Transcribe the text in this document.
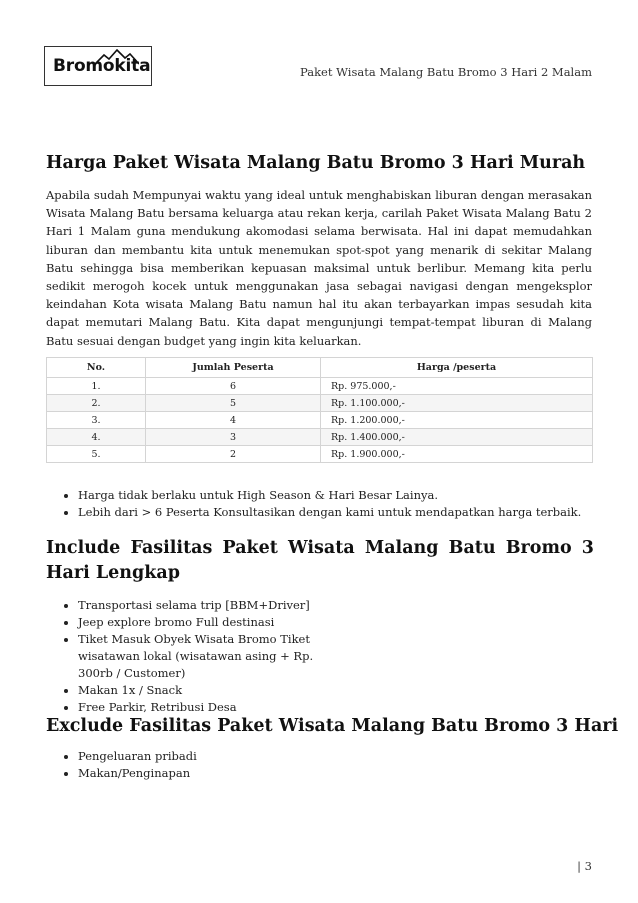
Bromokita	Paket Wisata Malang Batu Bromo 3 Hari 2 Malam
Harga Paket Wisata Malang Batu Bromo 3 Hari Murah

Apabila sudah Mempunyai waktu yang ideal untuk menghabiskan liburan dengan merasakan Wisata Malang Batu bersama keluarga atau rekan kerja, carilah Paket Wisata Malang Batu 2 Hari 1 Malam guna mendukung akomodasi selama berwisata. Hal ini dapat memudahkan liburan dan membantu kita untuk menemukan spot-spot yang menarik di sekitar Malang Batu sehingga bisa memberikan kepuasan maksimal untuk berlibur. Memang kita perlu sedikit merogoh kocek untuk menggunakan jasa sebagai navigasi dengan mengeksplor keindahan Kota wisata Malang Batu namun hal itu akan terbayarkan impas sesudah kita dapat memutari Malang Batu. Kita dapat mengunjungi tempat-tempat liburan di Malang Batu sesuai dengan budget yang ingin kita keluarkan.

No.	Jumlah Peserta	Harga /peserta
1.	6	Rp. 975.000,-
2.	5	Rp. 1.100.000,-
3.	4	Rp. 1.200.000,-
4.	3	Rp. 1.400.000,-
5.	2	Rp. 1.900.000,-
• Harga tidak berlaku untuk High Season & Hari Besar Lainya.
• Lebih dari > 6 Peserta Konsultasikan dengan kami untuk mendapatkan harga terbaik.
Include Fasilitas Paket Wisata Malang Batu Bromo 3 Hari Lengkap
• Transportasi selama trip [BBM+Driver]
• Jeep explore bromo Full destinasi
• Tiket Masuk Obyek Wisata Bromo Tiket wisatawan lokal (wisatawan asing + Rp. 300rb / Customer)
• Makan 1x / Snack
• Free Parkir, Retribusi Desa
Exclude Fasilitas Paket Wisata Malang Batu Bromo 3 Hari
• Pengeluaran pribadi
• Makan/Penginapan
| 3
